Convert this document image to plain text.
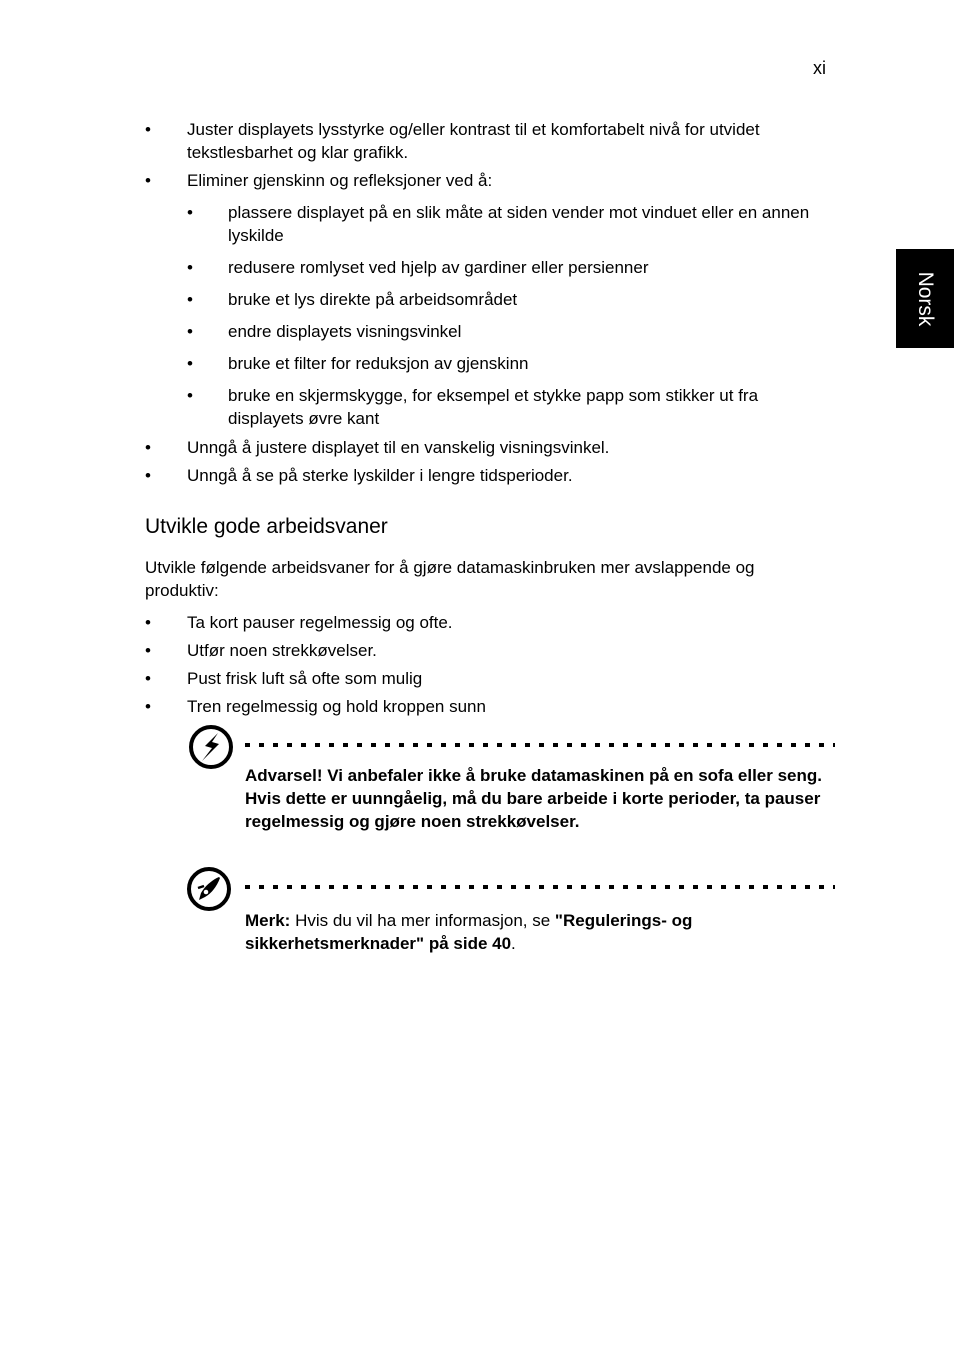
xi
Norsk
• Juster displayets lysstyrke og/eller kontrast til et komfortabelt nivå for utvidet tekstlesbarhet og klar grafikk.
• Eliminer gjenskinn og refleksjoner ved å:
• plassere displayet på en slik måte at siden vender mot vinduet eller en annen lyskilde
• redusere romlyset ved hjelp av gardiner eller persienner
• bruke et lys direkte på arbeidsområdet
• endre displayets visningsvinkel
• bruke et filter for reduksjon av gjenskinn
• bruke en skjermskygge, for eksempel et stykke papp som stikker ut fra displayets øvre kant
• Unngå å justere displayet til en vanskelig visningsvinkel.
• Unngå å se på sterke lyskilder i lengre tidsperioder.
Utvikle gode arbeidsvaner

Utvikle følgende arbeidsvaner for å gjøre datamaskinbruken mer avslappende og produktiv:

• Ta kort pauser regelmessig og ofte.
• Utfør noen strekkøvelser.
• Pust frisk luft så ofte som mulig
• Tren regelmessig og hold kroppen sunn

Advarsel! Vi anbefaler ikke å bruke datamaskinen på en sofa eller seng. Hvis dette er uunngåelig, må du bare arbeide i korte perioder, ta pauser regelmessig og gjøre noen strekkøvelser.

Merk: Hvis du vil ha mer informasjon, se "Regulerings- og sikkerhetsmerknader" på side 40.
